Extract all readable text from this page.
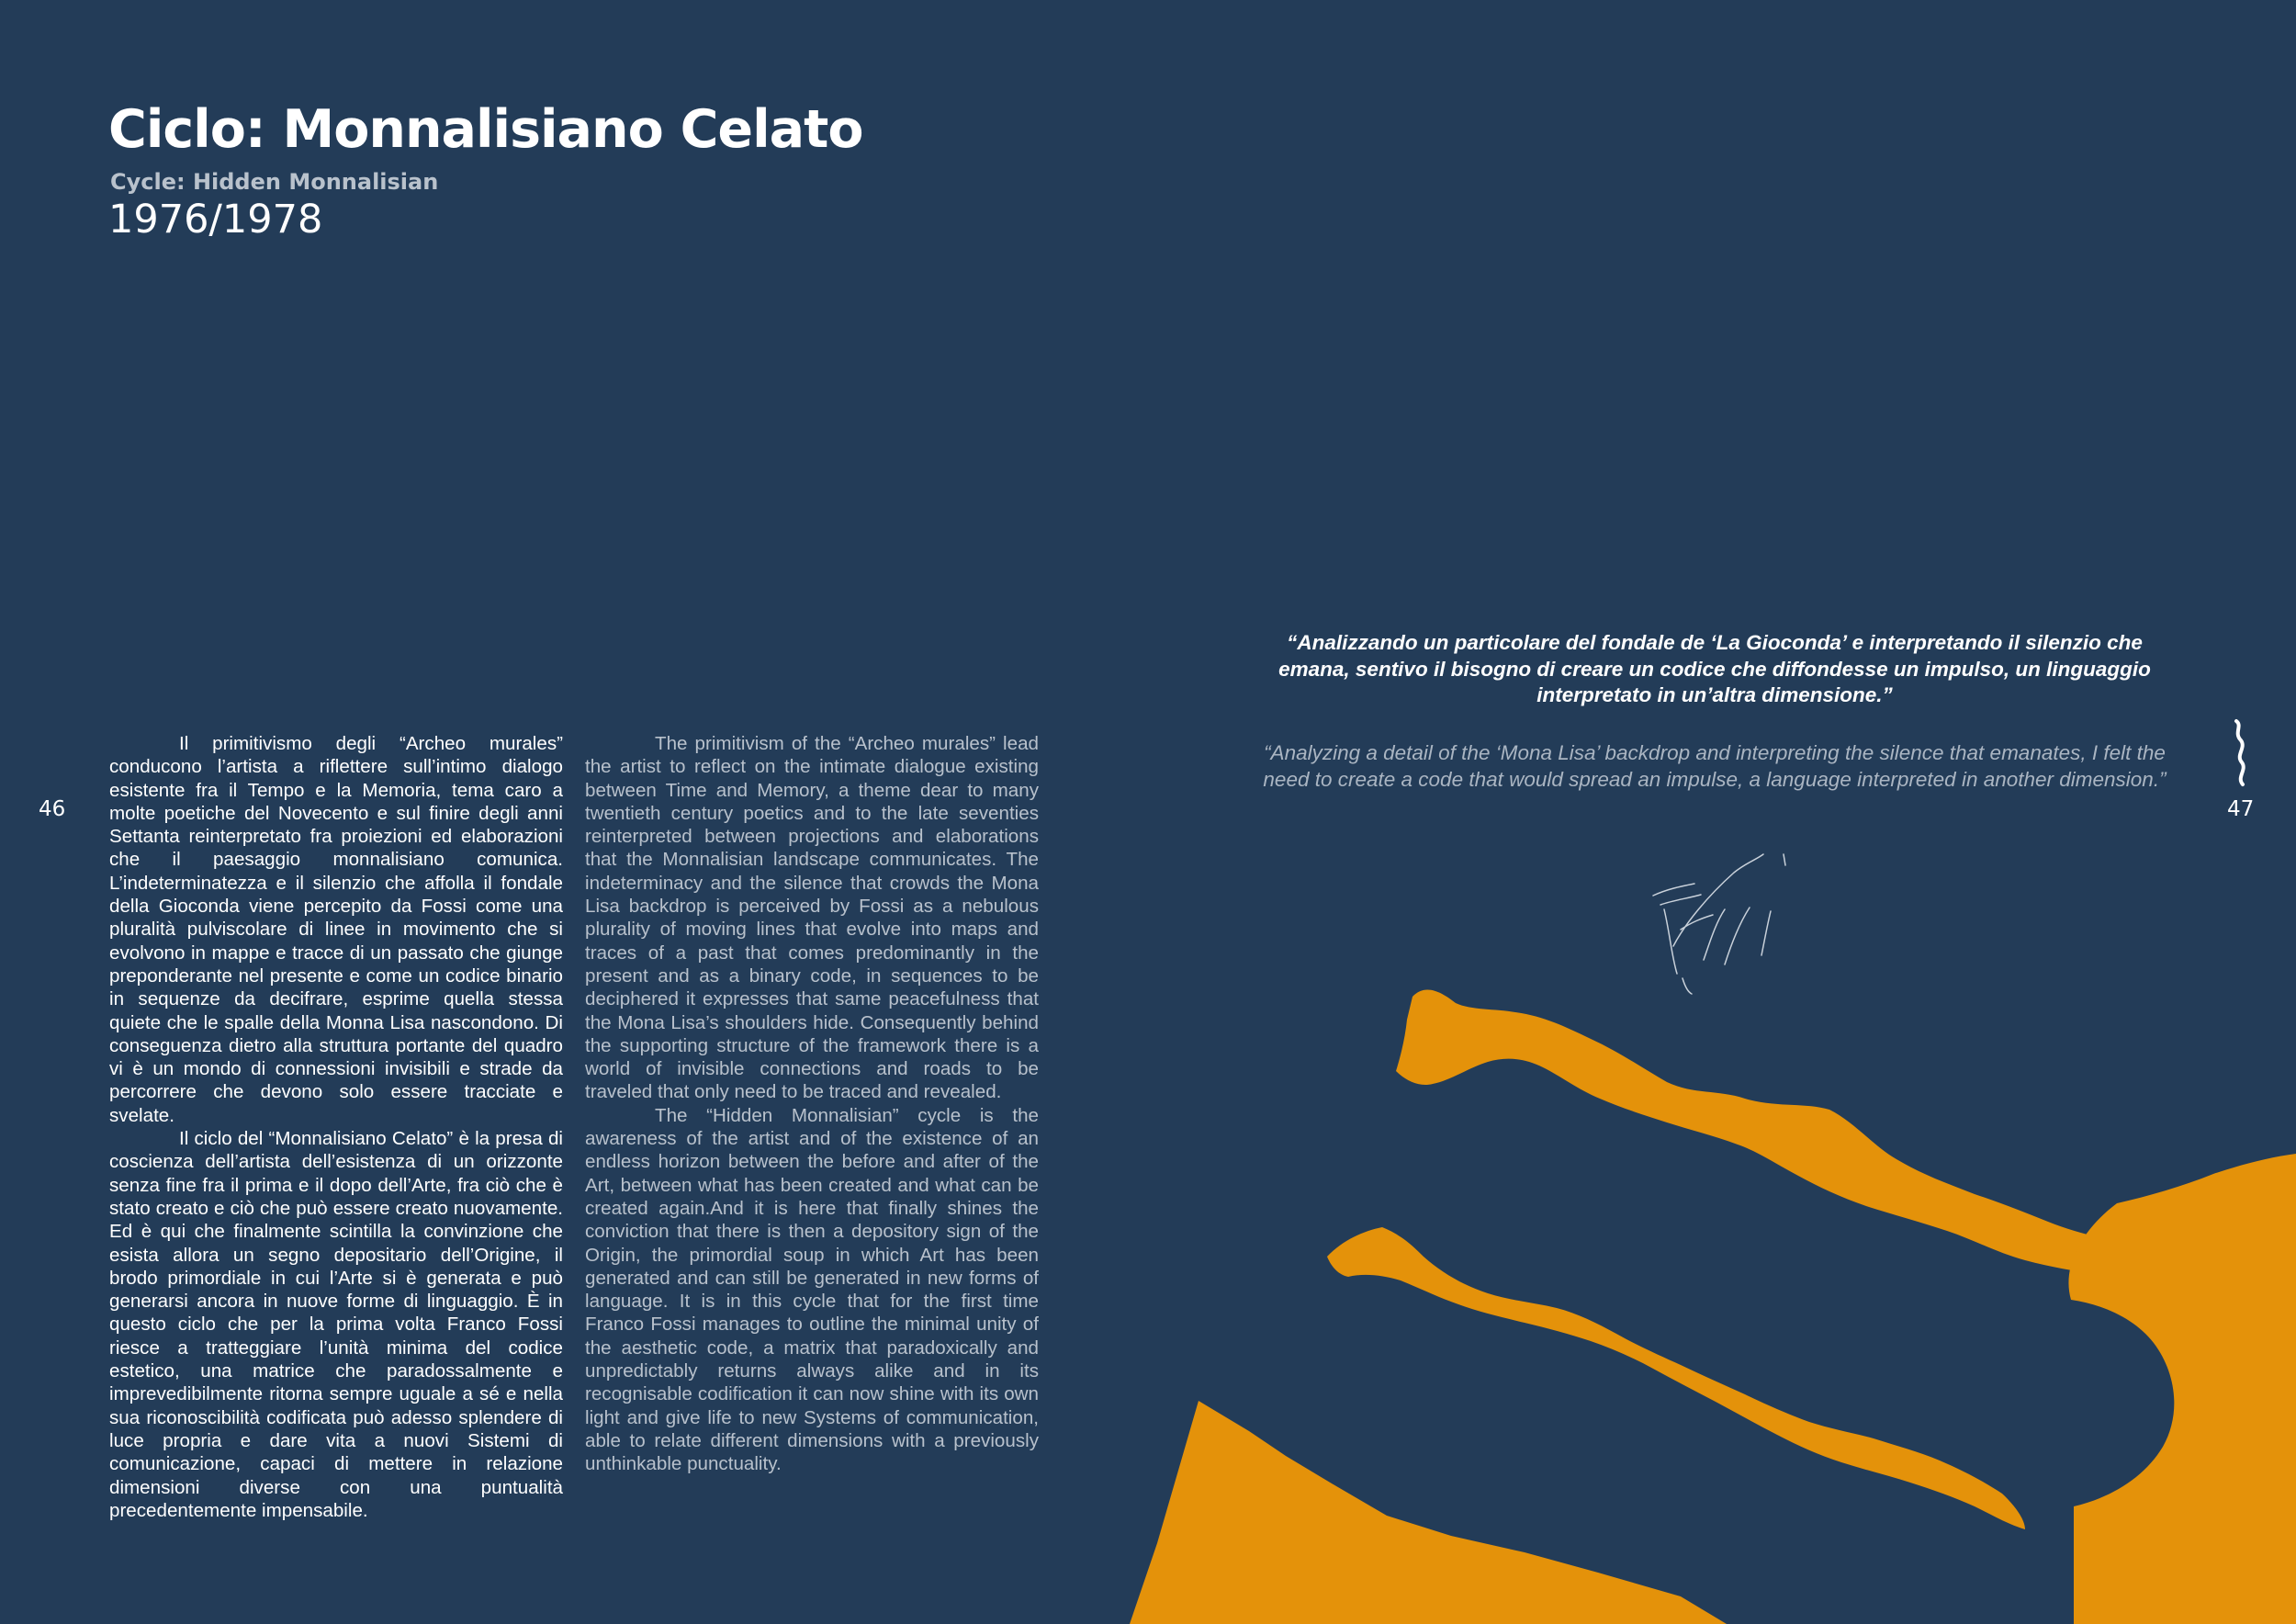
Ciclo: Monnalisiano Celato
Cycle: Hidden Monnalisian
1976/1978
46	47

Il primitivismo degli “Archeo murales” conducono l’artista a riflettere sull’intimo dialogo esistente fra il Tempo e la Memoria, tema caro a molte poetiche del Novecento e sul finire degli anni Settanta reinterpretato fra proiezioni ed elaborazioni che il paesaggio monnalisiano comunica. L’indeterminatezza e il silenzio che affolla il fondale della Gioconda viene percepito da Fossi come una pluralità pulviscolare di linee in movimento che si evolvono in mappe e tracce di un passato che giunge preponderante nel presente e come un codice binario in sequenze da decifrare, esprime quella stessa quiete che le spalle della Monna Lisa nascondono. Di conseguenza dietro alla struttura portante del quadro vi è un mondo di connessioni invisibili e strade da percorrere che devono solo essere tracciate e svelate.

Il ciclo del “Monnalisiano Celato” è la presa di coscienza dell’artista dell’esistenza di un orizzonte senza fine fra il prima e il dopo dell’Arte, fra ciò che è stato creato e ciò che può essere creato nuovamente. Ed è qui che finalmente scintilla la convinzione che esista allora un segno depositario dell’Origine, il brodo primordiale in cui l’Arte si è generata e può generarsi ancora in nuove forme di linguaggio. È in questo ciclo che per la prima volta Franco Fossi riesce a tratteggiare l’unità minima del codice estetico, una matrice che paradossalmente e imprevedibilmente ritorna sempre uguale a sé e nella sua riconoscibilità codificata può adesso splendere di luce propria e dare vita a nuovi Sistemi di comunicazione, capaci di mettere in relazione dimensioni diverse con una puntualità precedentemente impensabile.

The primitivism of the “Archeo murales” lead the artist to reflect on the intimate dialogue existing between Time and Memory, a theme dear to many twentieth century poetics and to the late seventies reinterpreted between projections and elaborations that the Monnalisian landscape communicates. The indeterminacy and the silence that crowds the Mona Lisa backdrop is perceived by Fossi as a nebulous plurality of moving lines that evolve into maps and traces of a past that comes predominantly in the present and as a binary code, in sequences to be deciphered it expresses that same peacefulness that the Mona Lisa’s shoulders hide. Consequently behind the supporting structure of the framework there is a world of invisible connections and roads to be traveled that only need to be traced and revealed.

The “Hidden Monnalisian” cycle is the awareness of the artist and of the existence of an endless horizon between the before and after of the Art, between what has been created and what can be created again.And it is here that finally shines the conviction that there is then a depository sign of the Origin, the primordial soup in which Art has been generated and can still be generated in new forms of language. It is in this cycle that for the first time Franco Fossi manages to outline the minimal unity of the aesthetic code, a matrix that paradoxically and unpredictably returns always alike and in its recognisable codification it can now shine with its own light and give life to new Systems of communication, able to relate different dimensions with a previously unthinkable punctuality.

“Analizzando un particolare del fondale de ‘La Gioconda’ e interpretando il silenzio che emana, sentivo il bisogno di creare un codice che diffondesse un impulso, un linguaggio interpretato in un’altra dimensione.”
“Analyzing a detail of the ‘Mona Lisa’ backdrop and interpreting the silence that emanates, I felt the need to create a code that would spread an impulse, a language interpreted in another dimension.”
